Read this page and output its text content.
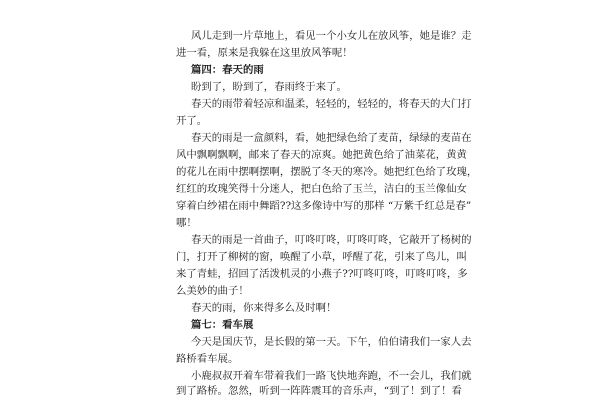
风儿走到一片草地上，看见一个小女儿在放风筝，她是谁？走
进一看，原来是我躲在这里放风筝呢！
篇四：春天的雨
盼到了，盼到了，春雨终于来了。
春天的雨带着轻凉和温柔，轻轻的，轻轻的，将春天的大门打
开了。
春天的雨是一盒颜料，看，她把绿色给了麦苗，绿绿的麦苗在
风中飘啊飘啊，邮来了春天的凉爽。她把黄色给了油菜花，黄黄
的花儿在雨中摆啊摆啊，摆脱了冬天的寒冷。她把红色给了玫瑰，
红红的玫瑰笑得十分迷人，把白色给了玉兰，洁白的玉兰像仙女
穿着白纱裙在雨中舞蹈??这多像诗中写的那样 “万紫千红总是春”
哪！
春天的雨是一首曲子，叮咚叮咚，叮咚叮咚，它敲开了杨树的
门，打开了柳树的窗，唤醒了小草，呼醒了花，引来了鸟儿，叫
来了青蛙，招回了活泼机灵的小燕子??叮咚叮咚，叮咚叮咚，多
么美妙的曲子！
春天的雨，你来得多么及时啊！
篇七：看车展
今天是国庆节，是长假的第一天。下午，伯伯请我们一家人去
路桥看车展。
小鹿叔叔开着车带着我们一路飞快地奔跑，不一会儿，我们就
到了路桥。忽然，听到一阵阵震耳的音乐声，“到了！到了！看
